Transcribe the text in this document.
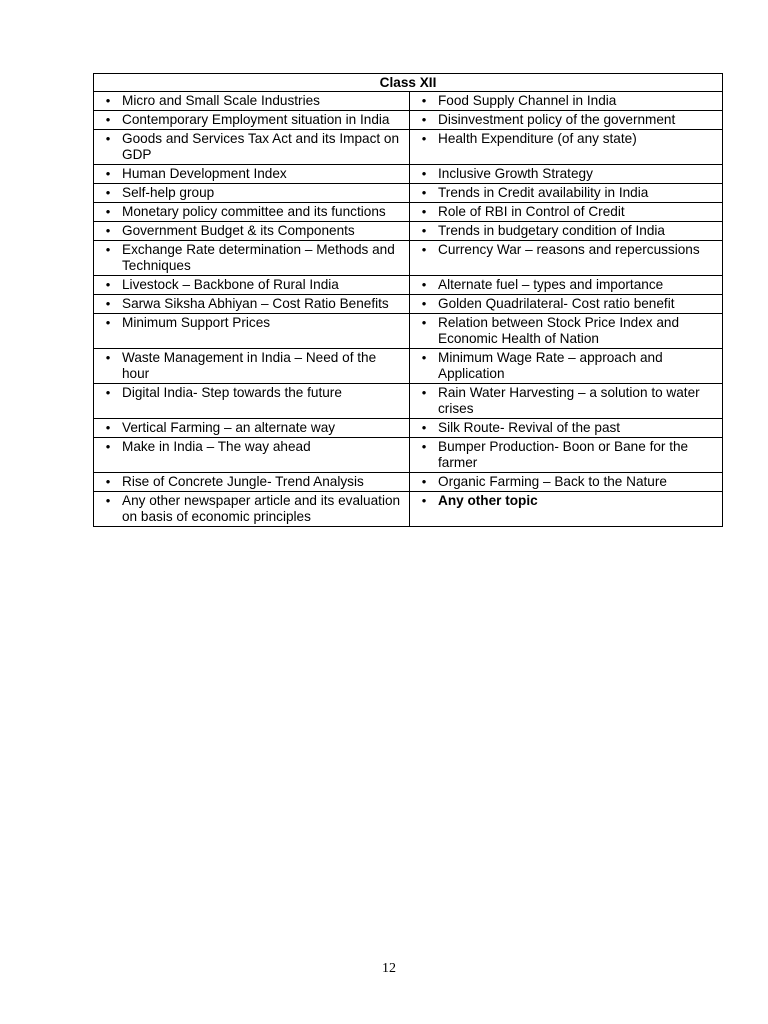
Class XII	

• Micro and Small Scale Industries	• Food Supply Channel in India

• Contemporary Employment situation in India	• Disinvestment policy of the government

• Goods and Services Tax Act and its Impact on GDP	• Health Expenditure (of any state)

• Human Development Index	• Inclusive Growth Strategy

• Self-help group	• Trends in Credit availability in India

• Monetary policy committee and its functions	• Role of RBI in Control of Credit

• Government Budget & its Components	• Trends in budgetary condition of India

• Exchange Rate determination – Methods and Techniques	• Currency War – reasons and repercussions

• Livestock – Backbone of Rural India	• Alternate fuel – types and importance

• Sarwa Siksha Abhiyan – Cost Ratio Benefits	• Golden Quadrilateral- Cost ratio benefit

• Minimum Support Prices	• Relation between Stock Price Index and Economic Health of Nation

• Waste Management in India – Need of the hour	• Minimum Wage Rate – approach and Application

• Digital India- Step towards the future	• Rain Water Harvesting – a solution to water crises

• Vertical Farming – an alternate way	• Silk Route- Revival of the past

• Make in India – The way ahead	• Bumper Production- Boon or Bane for the farmer

• Rise of Concrete Jungle- Trend Analysis	• Organic Farming – Back to the Nature

• Any other newspaper article and its evaluation on basis of economic principles	• Any other topic
12
